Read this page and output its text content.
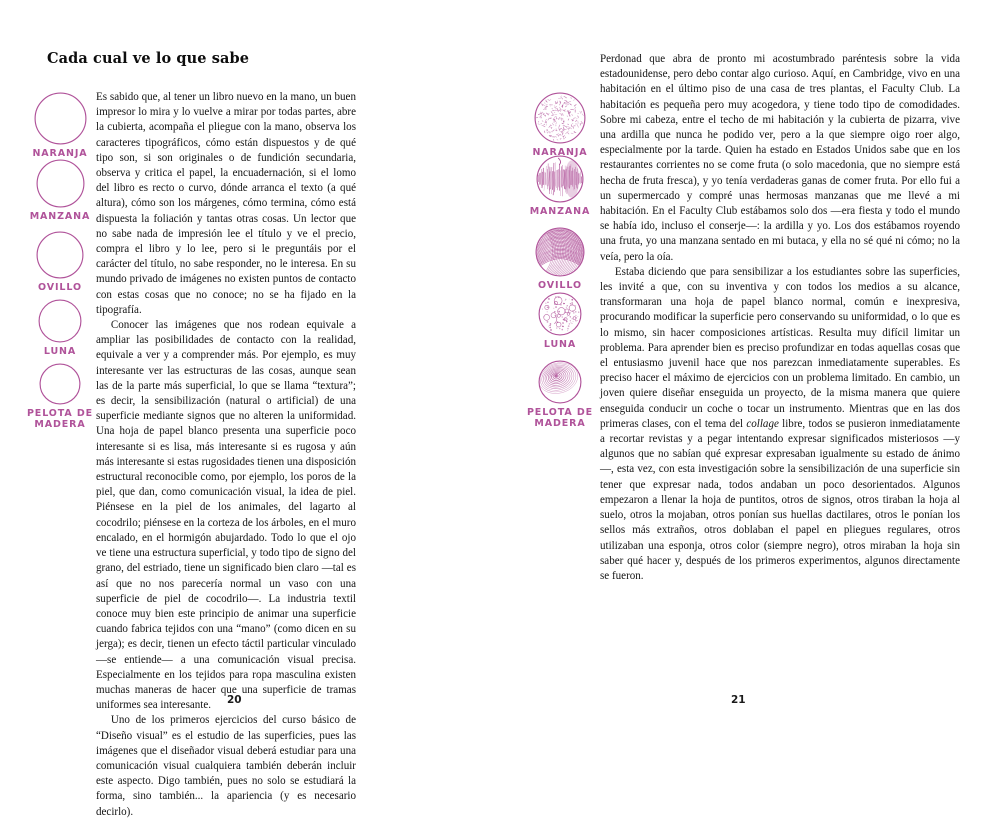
Cada cual ve lo que sabe
NARANJA
MANZANA
OVILLO
LUNA
PELOTA DE MADERA

Es sabido que, al tener un libro nuevo en la mano, un buen impresor lo mira y lo vuelve a mirar por todas partes, abre la cubierta, acompaña el pliegue con la mano, observa los caracteres tipográficos, cómo están dispuestos y de qué tipo son, si son originales o de fundición secundaria, observa y critica el papel, la encuadernación, si el lomo del libro es recto o curvo, dónde arranca el texto (a qué altura), cómo son los márgenes, cómo termina, cómo está dispuesta la foliación y tantas otras cosas. Un lector que no sabe nada de impresión lee el título y ve el precio, compra el libro y lo lee, pero si le preguntáis por el carácter del título, no sabe responder, no le interesa. En su mundo privado de imágenes no existen puntos de contacto con estas cosas que no conoce; no se ha fijado en la tipografía.

Conocer las imágenes que nos rodean equivale a ampliar las posibilidades de contacto con la realidad, equivale a ver y a comprender más. Por ejemplo, es muy interesante ver las estructuras de las cosas, aunque sean las de la parte más superficial, lo que se llama “textura”; es decir, la sensibilización (natural o artificial) de una superficie mediante signos que no alteren la uniformidad. Una hoja de papel blanco presenta una superficie poco interesante si es lisa, más interesante si es rugosa y aún más interesante si estas rugosidades tienen una disposición estructural reconocible como, por ejemplo, los poros de la piel, que dan, como comunicación visual, la idea de piel. Piénsese en la piel de los animales, del lagarto al cocodrilo; piénsese en la corteza de los árboles, en el muro encalado, en el hormigón abujardado. Todo lo que el ojo ve tiene una estructura superficial, y todo tipo de signo del grano, del estriado, tiene un significado bien claro —tal es así que no nos parecería normal un vaso con una superficie de piel de cocodrilo—. La industria textil conoce muy bien este principio de animar una superficie cuando fabrica tejidos con una “mano” (como dicen en su jerga); es decir, tienen un efecto táctil particular vinculado —se entiende— a una comunicación visual precisa. Especialmente en los tejidos para ropa masculina existen muchas maneras de hacer que una superficie de tramas uniformes sea interesante.

Uno de los primeros ejercicios del curso básico de “Diseño visual” es el estudio de las superficies, pues las imágenes que el diseñador visual deberá estudiar para una comunicación visual cualquiera también deberán incluir este aspecto. Digo también, pues no solo se estudiará la forma, sino también... la apariencia (y es necesario decirlo).

20
NARANJA
MANZANA
OVILLO
LUNA
PELOTA DE MADERA

Perdonad que abra de pronto mi acostumbrado paréntesis sobre la vida estadounidense, pero debo contar algo curioso. Aquí, en Cambridge, vivo en una habitación en el último piso de una casa de tres plantas, el Faculty Club. La habitación es pequeña pero muy acogedora, y tiene todo tipo de comodidades. Sobre mi cabeza, entre el techo de mi habitación y la cubierta de pizarra, vive una ardilla que nunca he podido ver, pero a la que siempre oigo roer algo, especialmente por la tarde. Quien ha estado en Estados Unidos sabe que en los restaurantes corrientes no se come fruta (o solo macedonia, que no siempre está hecha de fruta fresca), y yo tenía verdaderas ganas de comer fruta. Por ello fui a un supermercado y compré unas hermosas manzanas que me llevé a mi habitación. En el Faculty Club estábamos solo dos —era fiesta y todo el mundo se había ido, incluso el conserje—: la ardilla y yo. Los dos estábamos royendo una fruta, yo una manzana sentado en mi butaca, y ella no sé qué ni cómo; no la veía, pero la oía.

Estaba diciendo que para sensibilizar a los estudiantes sobre las superficies, les invité a que, con su inventiva y con todos los medios a su alcance, transformaran una hoja de papel blanco normal, común e inexpresiva, procurando modificar la superficie pero conservando su uniformidad, o lo que es lo mismo, sin hacer composiciones artísticas. Resulta muy difícil limitar un problema. Para aprender bien es preciso profundizar en todas aquellas cosas que el entusiasmo juvenil hace que nos parezcan inmediatamente superables. Es preciso hacer el máximo de ejercicios con un problema limitado. En cambio, un joven quiere diseñar enseguida un proyecto, de la misma manera que quiere enseguida conducir un coche o tocar un instrumento. Mientras que en las dos primeras clases, con el tema del collage libre, todos se pusieron inmediatamente a recortar revistas y a pegar intentando expresar significados misteriosos —y algunos que no sabían qué expresar expresaban igualmente su estado de ánimo—, esta vez, con esta investigación sobre la sensibilización de una superficie sin tener que expresar nada, todos andaban un poco desorientados. Algunos empezaron a llenar la hoja de puntitos, otros de signos, otros tiraban la hoja al suelo, otros la mojaban, otros ponían sus huellas dactilares, otros le ponían los sellos más extraños, otros doblaban el papel en pliegues regulares, otros utilizaban una esponja, otros color (siempre negro), otros miraban la hoja sin saber qué hacer y, después de los primeros experimentos, algunos directamente se fueron.

21
